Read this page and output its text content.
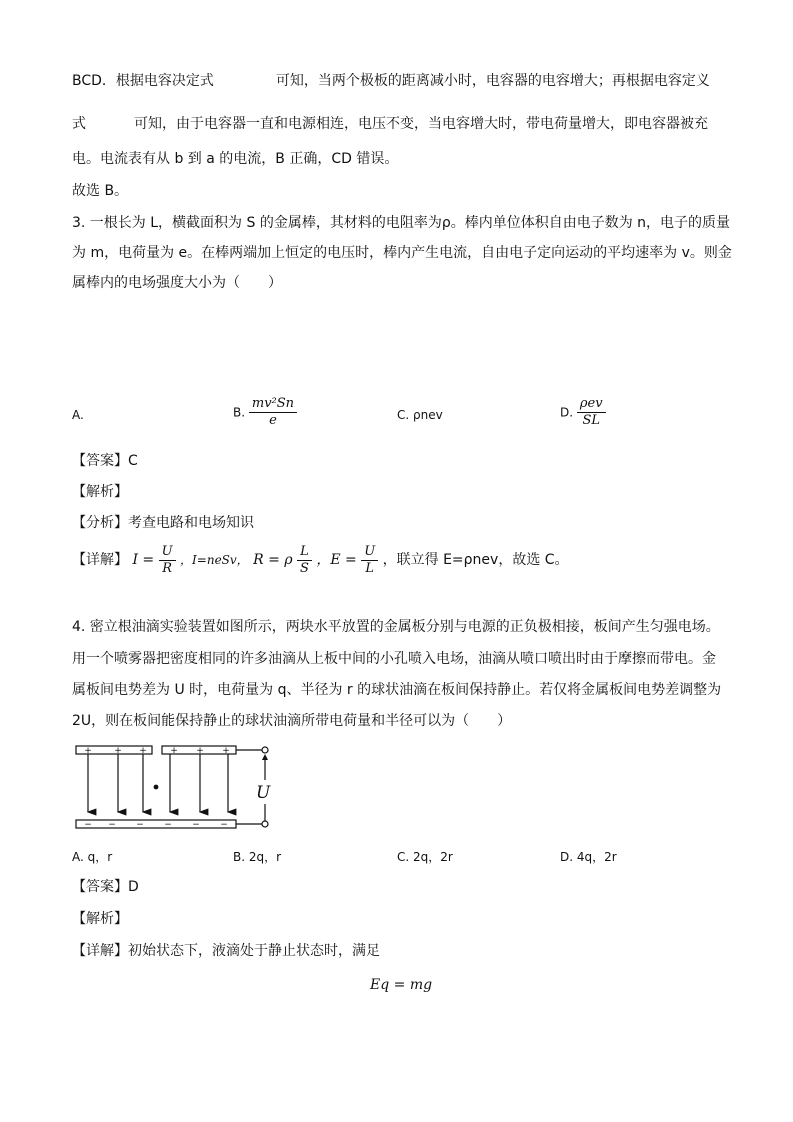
BCD．根据电容决定式	可知，当两个极板的距离减小时，电容器的电容增大；再根据电容定义
式	可知，由于电容器一直和电源相连，电压不变，当电容增大时，带电荷量增大，即电容器被充
电。电流表有从 b 到 a 的电流，B 正确，CD 错误。
故选 B。
3. 一根长为 L，横截面积为 S 的金属棒，其材料的电阻率为ρ。棒内单位体积自由电子数为 n，电子的质量
为 m，电荷量为 e。在棒两端加上恒定的电压时，棒内产生电流，自由电子定向运动的平均速率为 v。则金
属棒内的电场强度大小为（　　）
A.	B. $\frac{\text{mv²Sn}}{e}$	C. ρnev	D. $\frac{\text{ρev}}{SL}$
【答案】C
【解析】
【分析】考查电路和电场知识
【详解】 $I = \frac{U}{R}$ ，I=neSv， R = ρ $\frac{L}{S}$ ，$E = \frac{U}{L}$ ，联立得 E=ρnev，故选 C。
4. 密立根油滴实验装置如图所示，两块水平放置的金属板分别与电源的正负极相接，板间产生匀强电场。
用一个喷雾器把密度相同的许多油滴从上板中间的小孔喷入电场，油滴从喷口喷出时由于摩擦而带电。金
属板间电势差为 U 时，电荷量为 q、半径为 r 的球状油滴在板间保持静止。若仅将金属板间电势差调整为
2U，则在板间能保持静止的球状油滴所带电荷量和半径可以为（　　）
+ + +	+ + +
− − − − − −
U
A. q，r	B. 2q，r	C. 2q，2r	D. 4q，2r
【答案】D
【解析】
【详解】初始状态下，液滴处于静止状态时，满足
Eq = mg
